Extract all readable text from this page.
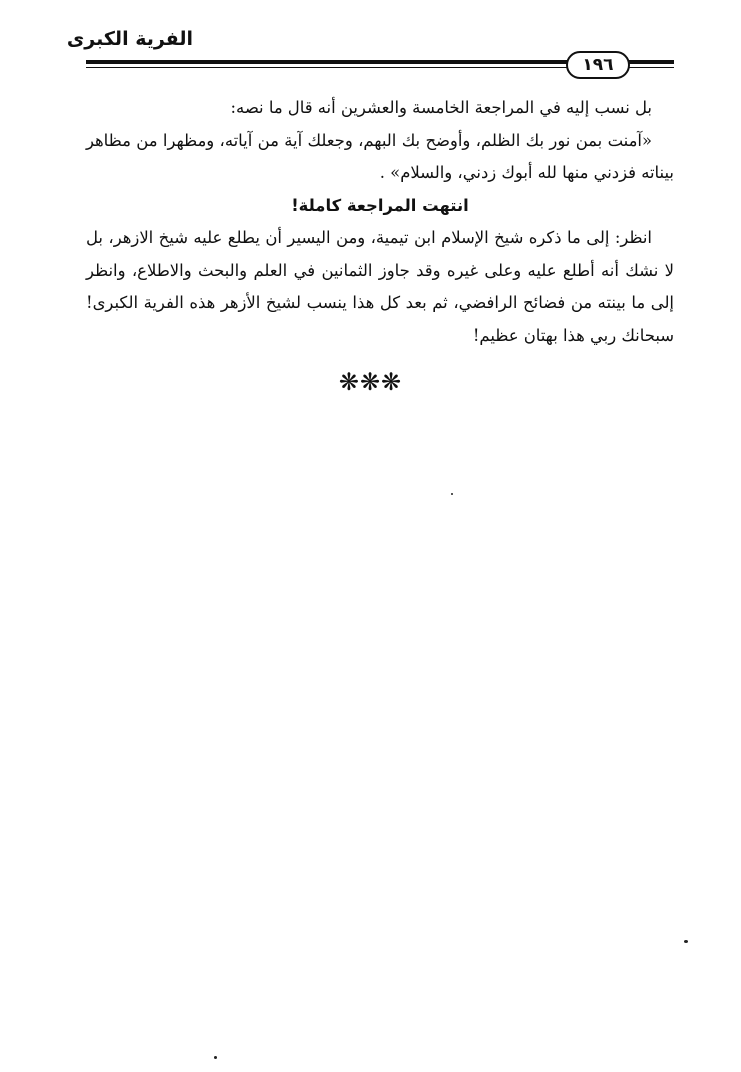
الفرية الكبرى
١٩٦

بل نسب إليه في المراجعة الخامسة والعشرين أنه قال ما نصه:

«آمنت بمن نور بك الظلم، وأوضح بك البهم، وجعلك آية من آياته، ومظهرا من مظاهر بيناته فزدني منها لله أبوك زدني، والسلام» .

انتهت المراجعة كاملة!

انظر: إلى ما ذكره شيخ الإسلام ابن تيمية، ومن اليسير أن يطلع عليه شيخ الازهر، بل لا نشك أنه أطلع عليه وعلى غيره وقد جاوز الثمانين في العلم والبحث والاطلاع، وانظر إلى ما بينته من فضائح الرافضي، ثم بعد كل هذا ينسب لشيخ الأزهر هذه الفرية الكبرى! سبحانك ربي هذا بهتان عظيم!

❋❋❋
